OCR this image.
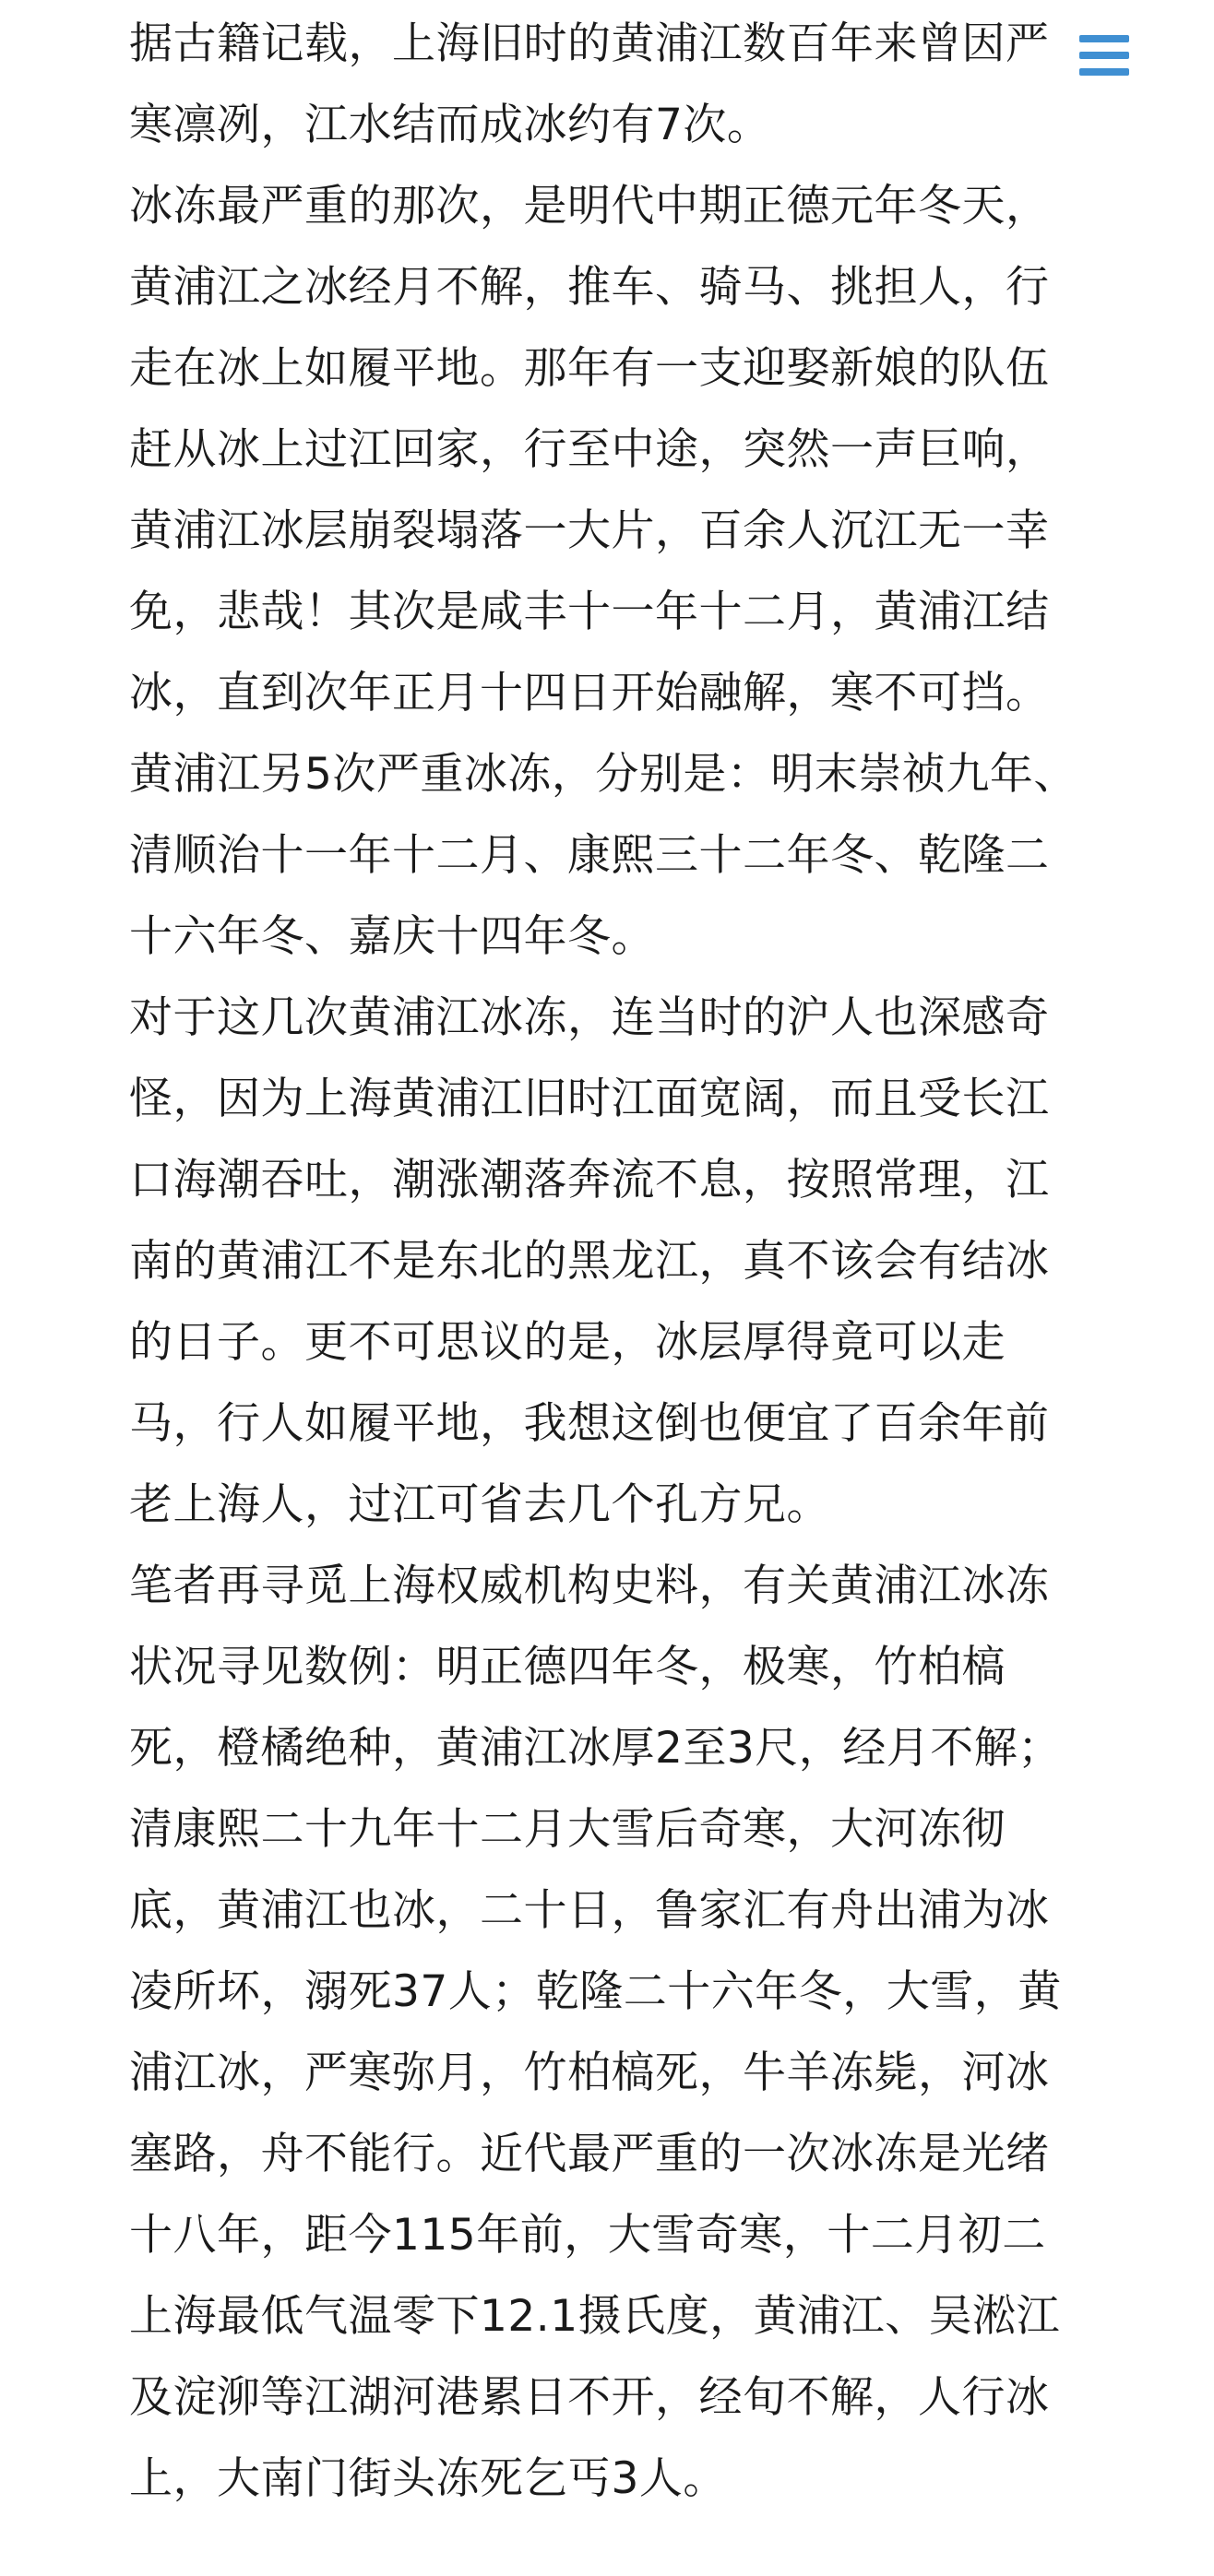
据古籍记载，上海旧时的黄浦江数百年来曾因严寒凛冽，江水结而成冰约有7次。

冰冻最严重的那次，是明代中期正德元年冬天，黄浦江之冰经月不解，推车、骑马、挑担人，行走在冰上如履平地。那年有一支迎娶新娘的队伍赶从冰上过江回家，行至中途，突然一声巨响，黄浦江冰层崩裂塌落一大片，百余人沉江无一幸免，悲哉！其次是咸丰十一年十二月，黄浦江结冰，直到次年正月十四日开始融解，寒不可挡。

黄浦江另5次严重冰冻，分别是：明末崇祯九年、清顺治十一年十二月、康熙三十二年冬、乾隆二十六年冬、嘉庆十四年冬。

对于这几次黄浦江冰冻，连当时的沪人也深感奇怪，因为上海黄浦江旧时江面宽阔，而且受长江口海潮吞吐，潮涨潮落奔流不息，按照常理，江南的黄浦江不是东北的黑龙江，真不该会有结冰的日子。更不可思议的是，冰层厚得竟可以走马，行人如履平地，我想这倒也便宜了百余年前老上海人，过江可省去几个孔方兄。

笔者再寻觅上海权威机构史料，有关黄浦江冰冻状况寻见数例：明正德四年冬，极寒，竹柏槁死，橙橘绝种，黄浦江冰厚2至3尺，经月不解；清康熙二十九年十二月大雪后奇寒，大河冻彻底，黄浦江也冰，二十日，鲁家汇有舟出浦为冰凌所坏，溺死37人；乾隆二十六年冬，大雪，黄浦江冰，严寒弥月，竹柏槁死，牛羊冻毙，河冰塞路，舟不能行。近代最严重的一次冰冻是光绪十八年，距今115年前，大雪奇寒，十二月初二上海最低气温零下12.1摄氏度，黄浦江、吴淞江及淀泖等江湖河港累日不开，经旬不解，人行冰上，大南门街头冻死乞丐3人。
